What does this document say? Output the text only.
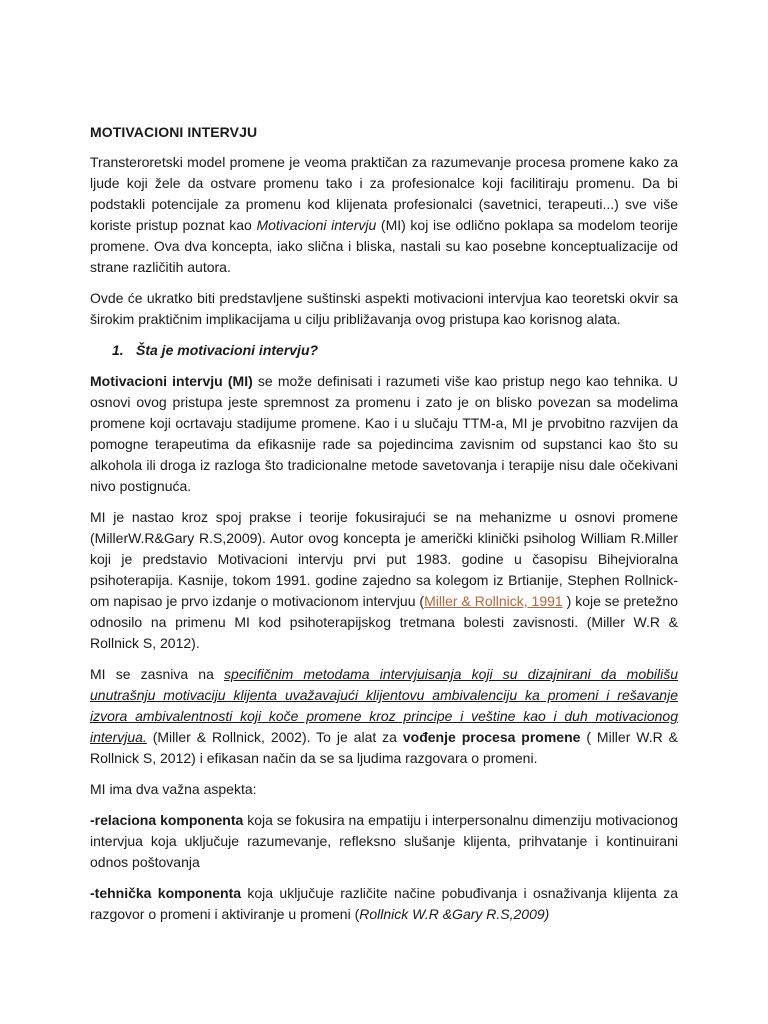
MOTIVACIONI INTERVJU

Transteroretski model promene je veoma praktičan za razumevanje procesa promene kako za ljude koji žele da ostvare promenu tako i za profesionalce koji facilitiraju promenu. Da bi podstakli potencijale za promenu kod klijenata profesionalci (savetnici, terapeuti...) sve više koriste pristup poznat kao Motivacioni intervju (MI) koj ise odlično poklapa sa modelom teorije promene. Ova dva koncepta, iako slična i bliska, nastali su kao posebne konceptualizacije od strane različitih autora.

Ovde će ukratko biti predstavljene suštinski aspekti motivacioni intervjua kao teoretski okvir sa širokim praktičnim implikacijama u cilju približavanja ovog pristupa kao korisnog alata.

1. Šta je motivacioni intervju?

Motivacioni intervju (MI) se može definisati i razumeti više kao pristup nego kao tehnika. U osnovi ovog pristupa jeste spremnost za promenu i zato je on blisko povezan sa modelima promene koji ocrtavaju stadijume promene. Kao i u slučaju TTM-a, MI je prvobitno razvijen da pomogne terapeutima da efikasnije rade sa pojedincima zavisnim od supstanci kao što su alkohola ili droga iz razloga što tradicionalne metode savetovanja i terapije nisu dale očekivani nivo postignuća.

MI je nastao kroz spoj prakse i teorije fokusirajući se na mehanizme u osnovi promene (MillerW.R&Gary R.S,2009). Autor ovog koncepta je američki klinički psiholog William R.Miller koji je predstavio Motivacioni intervju prvi put 1983. godine u časopisu Bihejvioralna psihoterapija. Kasnije, tokom 1991. godine zajedno sa kolegom iz Brtianije, Stephen Rollnick-om napisao je prvo izdanje o motivacionom intervjuu (Miller & Rollnick, 1991 ) koje se pretežno odnosilo na primenu MI kod psihoterapijskog tretmana bolesti zavisnosti. (Miller W.R & Rollnick S, 2012).

MI se zasniva na specifičnim metodama intervjuisanja koji su dizajnirani da mobilišu unutrašnju motivaciju klijenta uvažavajući klijentovu ambivalenciju ka promeni i rešavanje izvora ambivalentnosti koji koče promene kroz principe i veštine kao i duh motivacionog intervjua. (Miller & Rollnick, 2002). To je alat za vođenje procesa promene ( Miller W.R & Rollnick S, 2012) i efikasan način da se sa ljudima razgovara o promeni.

MI ima dva važna aspekta:

-relaciona komponenta koja se fokusira na empatiju i interpersonalnu dimenziju motivacionog intervjua koja uključuje razumevanje, refleksno slušanje klijenta, prihvatanje i kontinuirani odnos poštovanja

-tehnička komponenta koja uključuje različite načine pobuđivanja i osnaživanja klijenta za razgovor o promeni i aktiviranje u promeni (Rollnick W.R &Gary R.S,2009)
